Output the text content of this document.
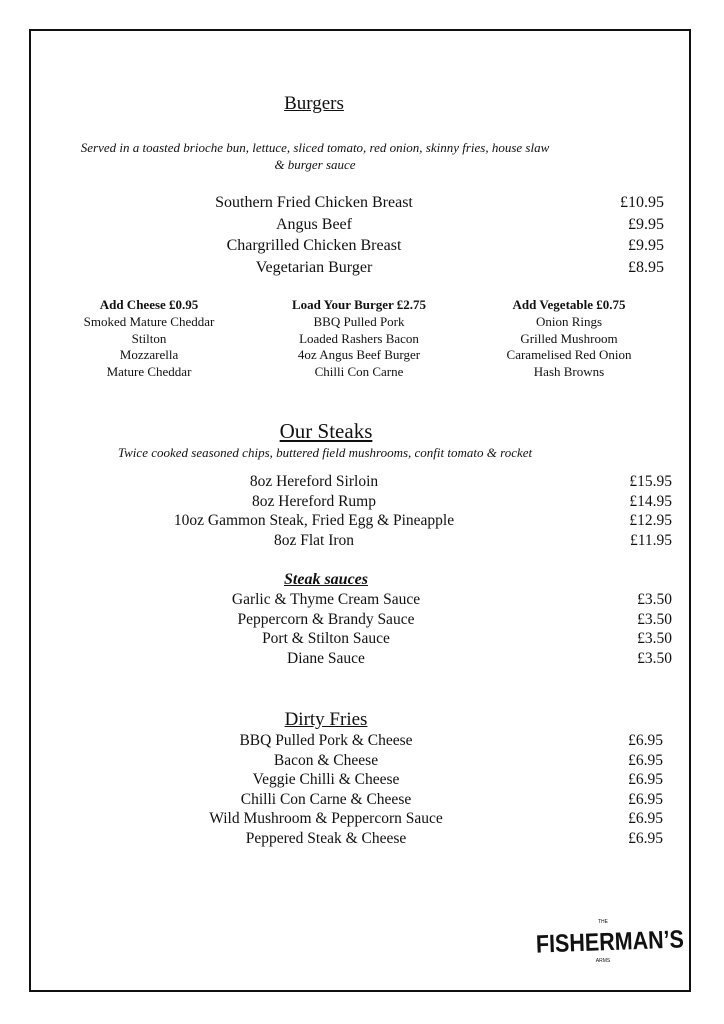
Burgers
Served in a toasted brioche bun, lettuce, sliced tomato, red onion, skinny fries, house slaw
& burger sauce
Southern Fried Chicken Breast
Angus Beef
Chargrilled Chicken Breast
Vegetarian Burger
£10.95
£9.95
£9.95
£8.95
Add Cheese £0.95
Smoked Mature Cheddar
Stilton
Mozzarella
Mature Cheddar
Load Your Burger £2.75
BBQ Pulled Pork
Loaded Rashers Bacon
4oz Angus Beef Burger
Chilli Con Carne
Add Vegetable £0.75
Onion Rings
Grilled Mushroom
Caramelised Red Onion
Hash Browns
Our Steaks
Twice cooked seasoned chips, buttered field mushrooms, confit tomato & rocket
8oz Hereford Sirloin
8oz Hereford Rump
10oz Gammon Steak, Fried Egg & Pineapple
8oz Flat Iron
£15.95
£14.95
£12.95
£11.95
Steak sauces
Garlic & Thyme Cream Sauce
Peppercorn & Brandy Sauce
Port & Stilton Sauce
Diane Sauce
£3.50
£3.50
£3.50
£3.50
Dirty Fries
BBQ Pulled Pork & Cheese
Bacon & Cheese
Veggie Chilli & Cheese
Chilli Con Carne & Cheese
Wild Mushroom & Peppercorn Sauce
Peppered Steak & Cheese
£6.95
£6.95
£6.95
£6.95
£6.95
£6.95
THE
FISHERMAN’S
ARMS
